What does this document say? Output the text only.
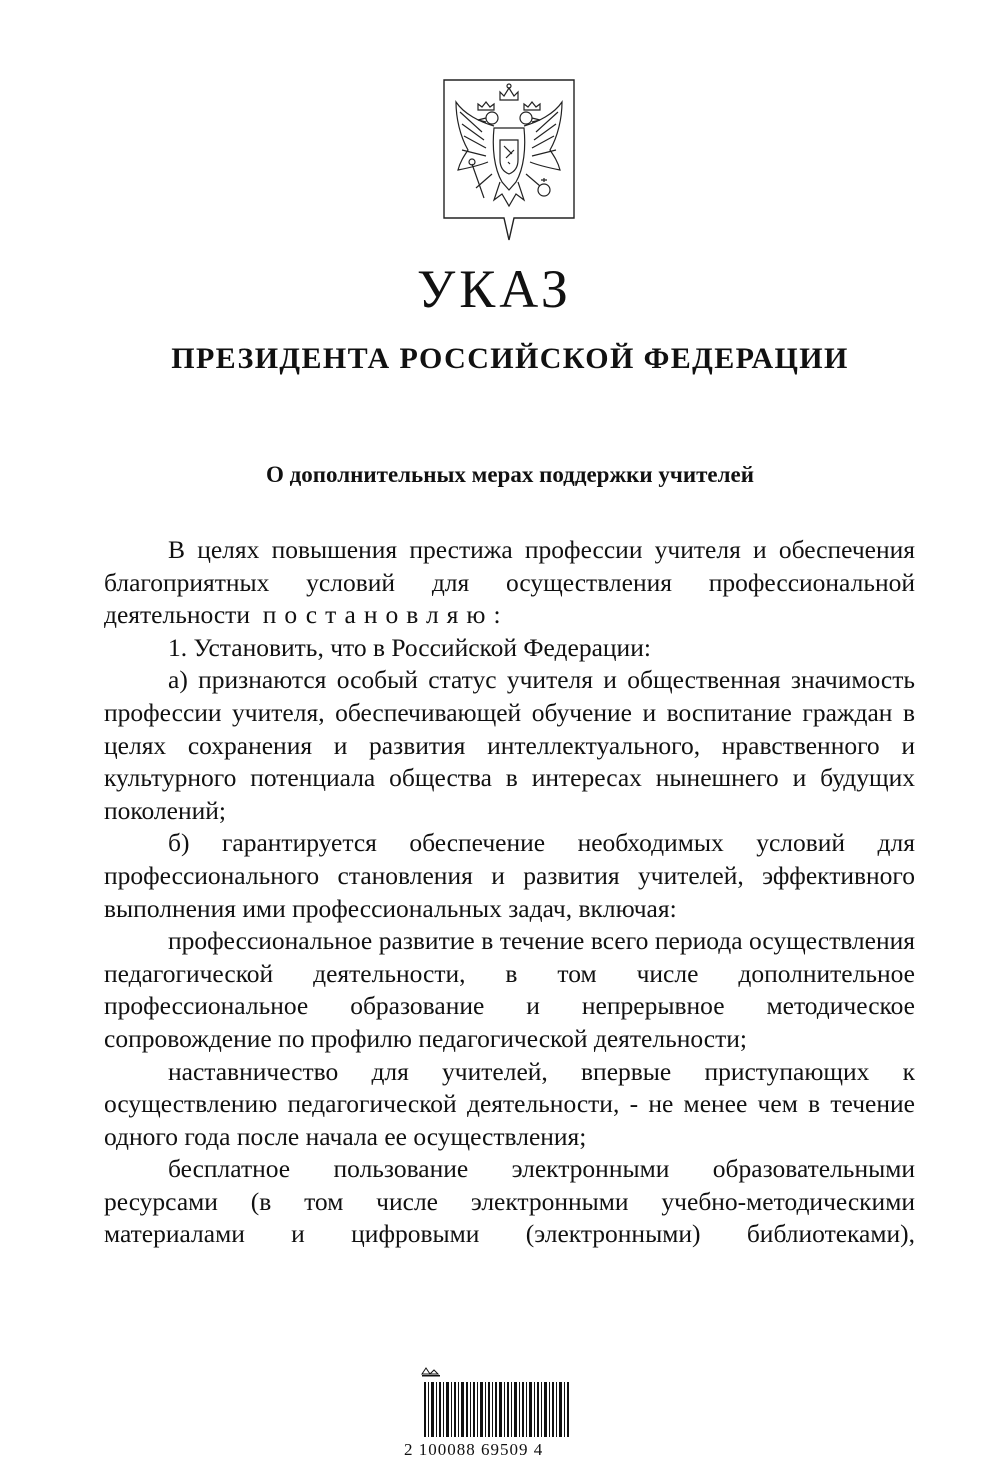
УКАЗ
ПРЕЗИДЕНТА РОССИЙСКОЙ ФЕДЕРАЦИИ
О дополнительных мерах поддержки учителей

В целях повышения престижа профессии учителя и обеспечения благоприятных условий для осуществления профессиональной деятельности постановляю:

1. Установить, что в Российской Федерации:

а) признаются особый статус учителя и общественная значимость профессии учителя, обеспечивающей обучение и воспитание граждан в целях сохранения и развития интеллектуального, нравственного и культурного потенциала общества в интересах нынешнего и будущих поколений;

б) гарантируется обеспечение необходимых условий для профессионального становления и развития учителей, эффективного выполнения ими профессиональных задач, включая:

профессиональное развитие в течение всего периода осуществления педагогической деятельности, в том числе дополнительное профессиональное образование и непрерывное методическое сопровождение по профилю педагогической деятельности;

наставничество для учителей, впервые приступающих к осуществлению педагогической деятельности, - не менее чем в течение одного года после начала ее осуществления;

бесплатное пользование электронными образовательными ресурсами (в том числе электронными учебно-методическими материалами и цифровыми (электронными) библиотеками),

2 100088 69509 4
